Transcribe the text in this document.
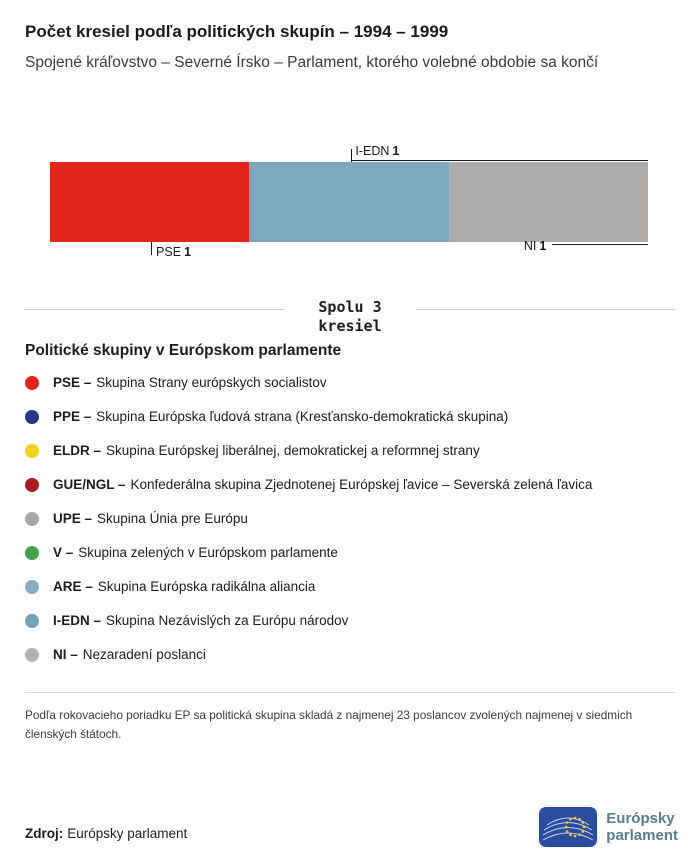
Počet kresiel podľa politických skupín – 1994 – 1999

Spojené kráľovstvo – Severné Írsko – Parlament, ktorého volebné obdobie sa končí

I-EDN 1
PSE 1	NI 1
Spolu 3
kresiel
Politické skupiny v Európskom parlamente
PSE – Skupina Strany európskych socialistov
PPE – Skupina Európska ľudová strana (Kresťansko-demokratická skupina)
ELDR – Skupina Európskej liberálnej, demokratickej a reformnej strany
GUE/NGL – Konfederálna skupina Zjednotenej Európskej ľavice – Severská zelená ľavica
UPE – Skupina Únia pre Európu
V – Skupina zelených v Európskom parlamente
ARE – Skupina Európska radikálna aliancia
I-EDN – Skupina Nezávislých za Európu národov
NI – Nezaradení poslanci

Podľa rokovacieho poriadku EP sa politická skupina skladá z najmenej 23 poslancov zvolených najmenej v siedmich členských štátoch.

Zdroj: Európsky parlament

Európsky
parlament
